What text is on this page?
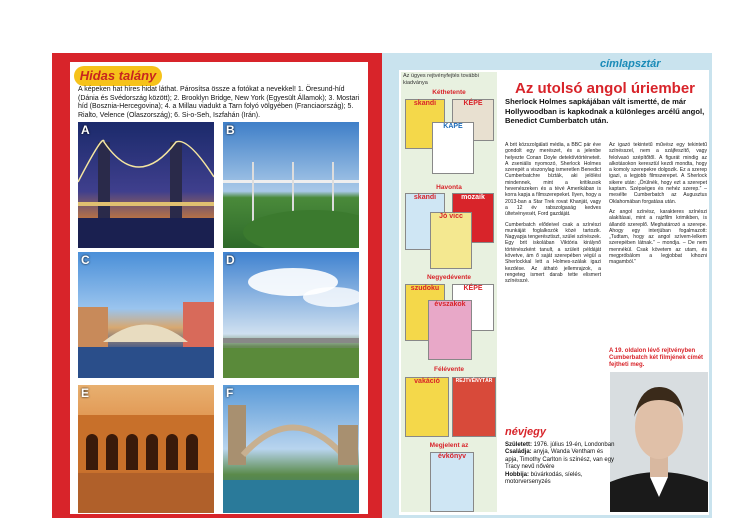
Hidas talány
A képeken hat híres hidat láthat. Párosítsa össze a fotókat a nevekkel! 1. Öresund-híd (Dánia és Svédország között); 2. Brooklyn Bridge, New York (Egyesült Államok); 3. Mostari híd (Bosznia-Hercegovina); 4. a Millau viadukt a Tarn folyó völgyében (Franciaország); 5. Rialto, Velence (Olaszország); 6. Si-o-Seh, Iszfahán (Irán).
A	B
C	D
E	F
címlapsztár
Az ügyes rejtvényfejtés további kiadványa
Kéthetente
Havonta
Negyedévente
Féléventе
Megjelent az
skandi	KÉPE
KAPE
skandi	mozaik
Jó vicc
szudoku	KÉPE
évszakok
vakáció	REJTVÉNYTÁR
évkönyv
Az utolsó angol úriember
Sherlock Holmes sapkájában vált ismertté, de már Hollywoodban is kapkodnak a különleges arcélű angol, Benedict Cumberbatch után.

A brit közszolgálati média, a BBC pár éve gondolt egy merészet, és a jelenbe helyezte Conan Doyle detektívtörténeteit. A zseniális nyomozó, Sherlock Holmes szerepét a viszonylag ismeretlen Benedict Cumberbatchre bízták, aki jelölési mindennek, mint a kritikusok hevenészeken és a tévé Amerikában is korra kapja a filmszerepeket. Ilyen, hogy a 2013-ban a Star Trek rovat Khanját, vagy a 12 év rabszolgaság kedves ültetvényesét, Ford gazdáját.

Cumberbatch elődeivel csak a színészi munkáját foglalkozók közé tartozik. Nagyapja tengerésztiszt, szülei színészek. Egy brit iskolában Viktória királynő történészként tanult, a szüleit példáját követve, ám ő saját szerepében végül a Sherlockkal lett a Holmes-szálak igazi kezdése. Az átható jellemrajzok, a rengeteg ismert darab tette elismert színésszé.

Az igazó tekintetű művész egy tekintetű színésszel, nem a szájfeszítő, vagy felolvasó szépítőtől. A figurát mindig az alkotásokon keresztül kezdi mondta, hogy a komoly szerepekre dolgozik. Ez a szerep igazi, a legjobb filmszerepet. A Sherlock sikere után: „Örülnék, hogy ezt a szerepet kaptam. Szépséges és nehéz szerep.” – mesélte Cumberbatch az Augusztus Oklahomában forgatása után.

Az angol színész, karakteres színészi alakításai, mint a rajzfilm krimikben, is állandó szereplő. Meghatározó a szerepe. Ahogy egy interjúban fogalmazott: „Tudtam, hogy az angol szívem-lelkem szerepében látnak.” – mondja. – De nem mennékül. Csak követem az utam, és megpróbálom a legjobbat kihozni magamból.”

A 19. oldalon lévő rejtvényben Cumberbatch két filmjének címét fejtheti meg.
névjegy
Született: 1976. július 19-én, Londonban
Családja: anyja, Wanda Ventham és apja, Timothy Carlton is színész, van egy Tracy nevű nővére
Hobbija: búvárkodás, síelés, motorversenyzés
